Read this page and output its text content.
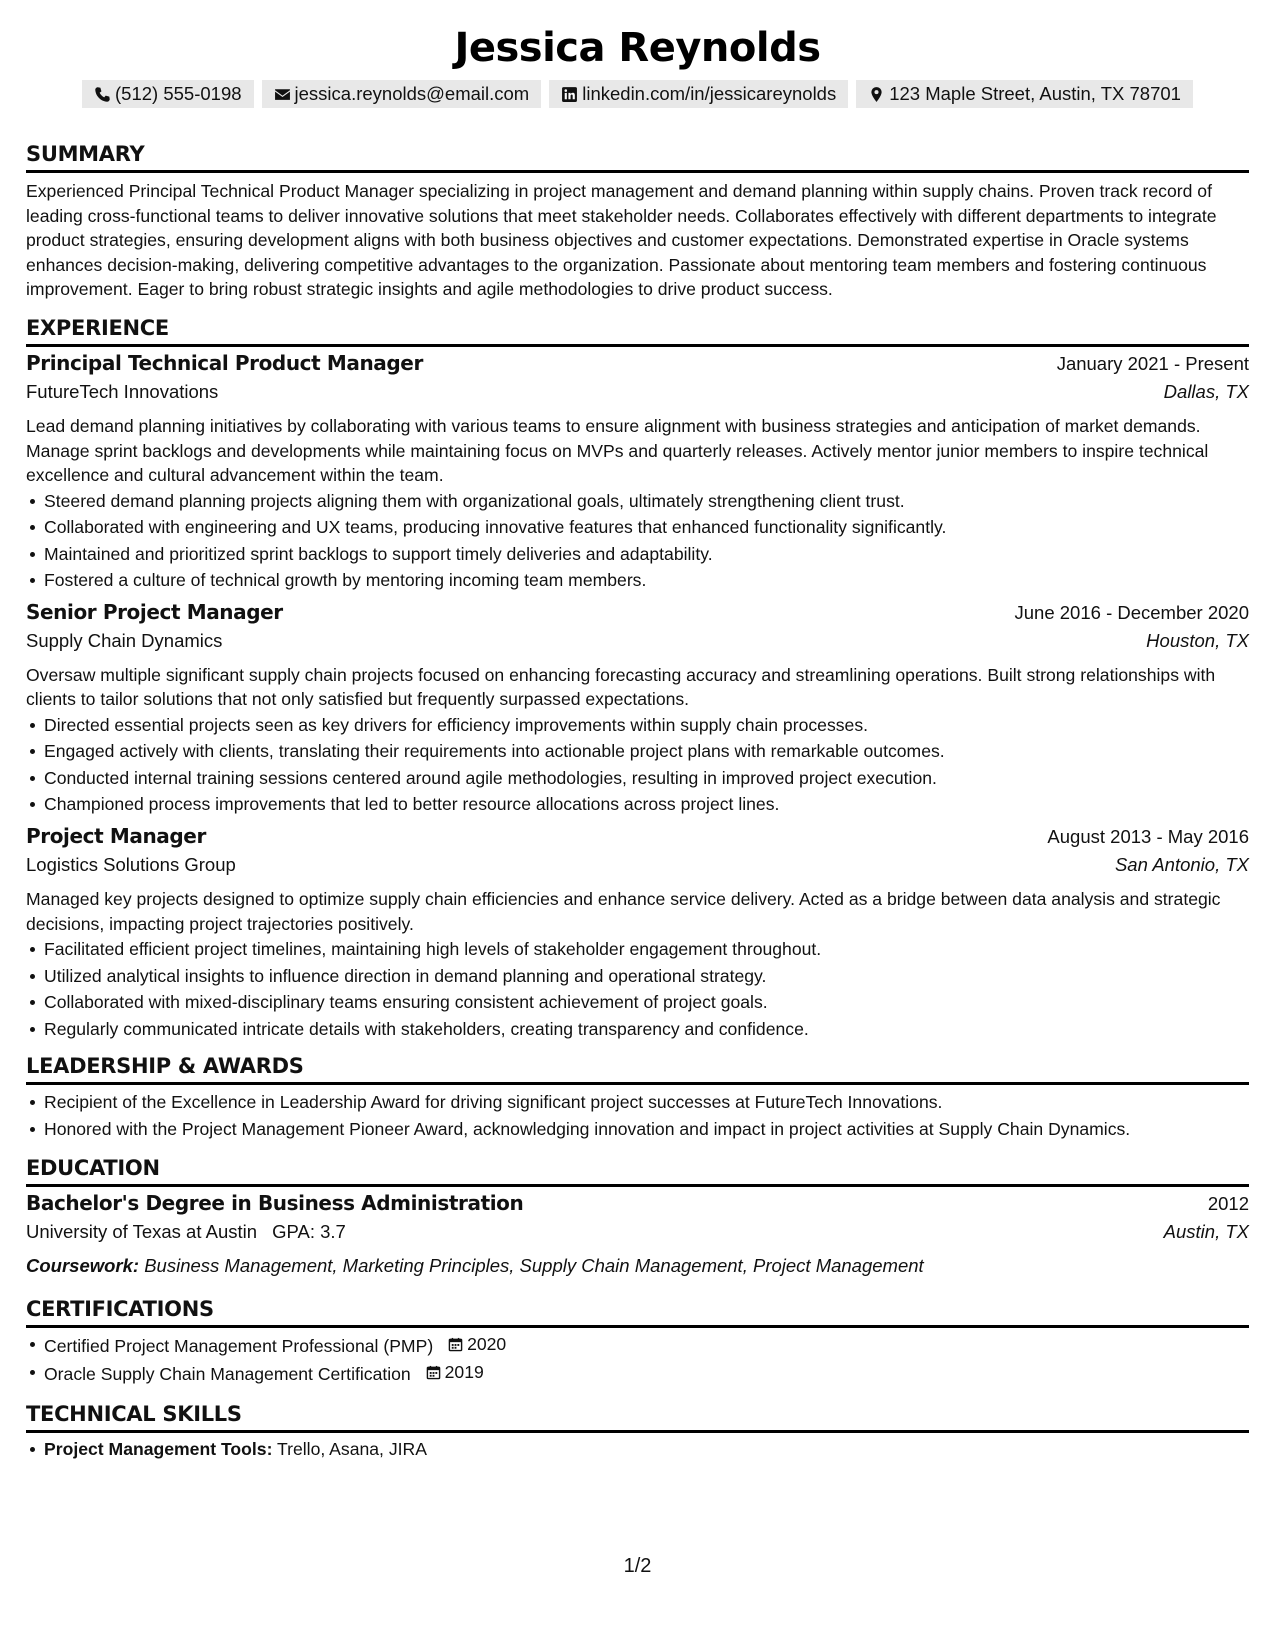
Jessica Reynolds
(512) 555-0198	jessica.reynolds@email.com	linkedin.com/in/jessicareynolds	123 Maple Street, Austin, TX 78701
SUMMARY

Experienced Principal Technical Product Manager specializing in project management and demand planning within supply chains. Proven track record of leading cross-functional teams to deliver innovative solutions that meet stakeholder needs. Collaborates effectively with different departments to integrate product strategies, ensuring development aligns with both business objectives and customer expectations. Demonstrated expertise in Oracle systems enhances decision-making, delivering competitive advantages to the organization. Passionate about mentoring team members and fostering continuous improvement. Eager to bring robust strategic insights and agile methodologies to drive product success.

EXPERIENCE
Principal Technical Product Manager	January 2021 - Present
FutureTech Innovations	Dallas, TX

Lead demand planning initiatives by collaborating with various teams to ensure alignment with business strategies and anticipation of market demands. Manage sprint backlogs and developments while maintaining focus on MVPs and quarterly releases. Actively mentor junior members to inspire technical excellence and cultural advancement within the team.

Steered demand planning projects aligning them with organizational goals, ultimately strengthening client trust.
Collaborated with engineering and UX teams, producing innovative features that enhanced functionality significantly.
Maintained and prioritized sprint backlogs to support timely deliveries and adaptability.
Fostered a culture of technical growth by mentoring incoming team members.
Senior Project Manager	June 2016 - December 2020
Supply Chain Dynamics	Houston, TX

Oversaw multiple significant supply chain projects focused on enhancing forecasting accuracy and streamlining operations. Built strong relationships with clients to tailor solutions that not only satisfied but frequently surpassed expectations.

Directed essential projects seen as key drivers for efficiency improvements within supply chain processes.
Engaged actively with clients, translating their requirements into actionable project plans with remarkable outcomes.
Conducted internal training sessions centered around agile methodologies, resulting in improved project execution.
Championed process improvements that led to better resource allocations across project lines.
Project Manager	August 2013 - May 2016
Logistics Solutions Group	San Antonio, TX

Managed key projects designed to optimize supply chain efficiencies and enhance service delivery. Acted as a bridge between data analysis and strategic decisions, impacting project trajectories positively.

Facilitated efficient project timelines, maintaining high levels of stakeholder engagement throughout.
Utilized analytical insights to influence direction in demand planning and operational strategy.
Collaborated with mixed-disciplinary teams ensuring consistent achievement of project goals.
Regularly communicated intricate details with stakeholders, creating transparency and confidence.
LEADERSHIP & AWARDS
Recipient of the Excellence in Leadership Award for driving significant project successes at FutureTech Innovations.
Honored with the Project Management Pioneer Award, acknowledging innovation and impact in project activities at Supply Chain Dynamics.
EDUCATION
Bachelor's Degree in Business Administration	2012
University of Texas at Austin GPA: 3.7	Austin, TX
Coursework: Business Management, Marketing Principles, Supply Chain Management, Project Management
CERTIFICATIONS
Certified Project Management Professional (PMP) 2020
Oracle Supply Chain Management Certification 2019
TECHNICAL SKILLS
Project Management Tools: Trello, Asana, JIRA
1/2
